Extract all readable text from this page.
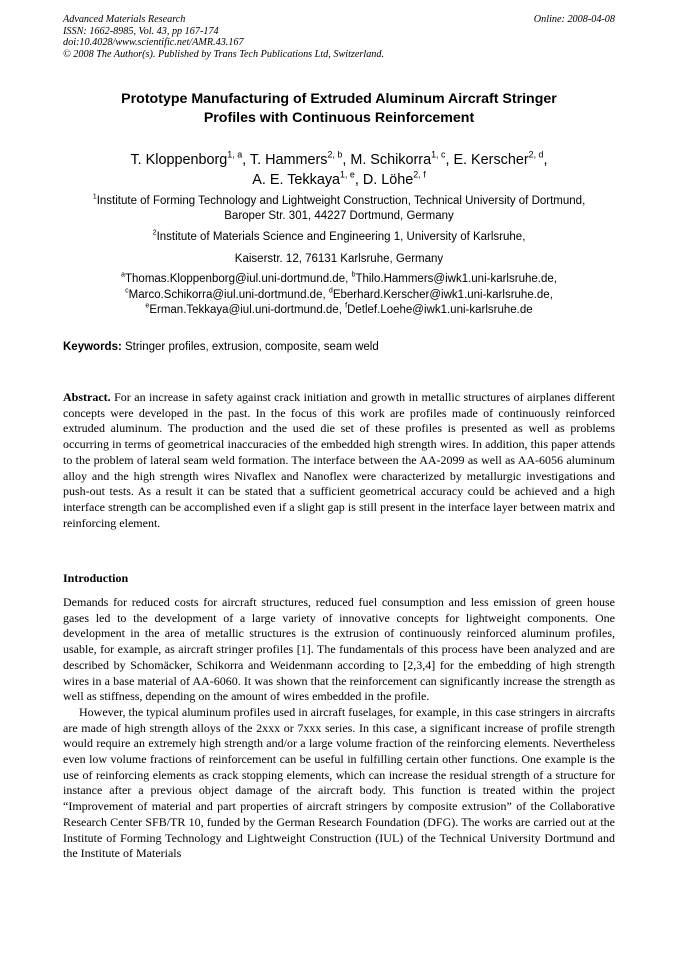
Advanced Materials Research	Online: 2008-04-08
ISSN: 1662-8985, Vol. 43, pp 167-174
doi:10.4028/www.scientific.net/AMR.43.167
© 2008 The Author(s). Published by Trans Tech Publications Ltd, Switzerland.
Prototype Manufacturing of Extruded Aluminum Aircraft Stringer
Profiles with Continuous Reinforcement
T. Kloppenborg$^{1, a}$, T. Hammers$^{2, b}$, M. Schikorra$^{1, c}$, E. Kerscher$^{2, d}$,
A. E. Tekkaya$^{1, e}$, D. Löhe$^{2, f}$
$^1$Institute of Forming Technology and Lightweight Construction, Technical University of Dortmund,
Baroper Str. 301, 44227 Dortmund, Germany
$^2$Institute of Materials Science and Engineering 1, University of Karlsruhe,
Kaiserstr. 12, 76131 Karlsruhe, Germany
$^a$Thomas.Kloppenborg@iul.uni-dortmund.de, $^b$Thilo.Hammers@iwk1.uni-karlsruhe.de,
$^c$Marco.Schikorra@iul.uni-dortmund.de, $^d$Eberhard.Kerscher@iwk1.uni-karlsruhe.de,
$^e$Erman.Tekkaya@iul.uni-dortmund.de, $^f$Detlef.Loehe@iwk1.uni-karlsruhe.de
Keywords: Stringer profiles, extrusion, composite, seam weld

Abstract. For an increase in safety against crack initiation and growth in metallic structures of airplanes different concepts were developed in the past. In the focus of this work are profiles made of continuously reinforced extruded aluminum. The production and the used die set of these profiles is presented as well as problems occurring in terms of geometrical inaccuracies of the embedded high strength wires. In addition, this paper attends to the problem of lateral seam weld formation. The interface between the AA-2099 as well as AA-6056 aluminum alloy and the high strength wires Nivaflex and Nanoflex were characterized by metallurgic investigations and push-out tests. As a result it can be stated that a sufficient geometrical accuracy could be achieved and a high interface strength can be accomplished even if a slight gap is still present in the interface layer between matrix and reinforcing element.

Introduction

Demands for reduced costs for aircraft structures, reduced fuel consumption and less emission of green house gases led to the development of a large variety of innovative concepts for lightweight components. One development in the area of metallic structures is the extrusion of continuously reinforced aluminum profiles, usable, for example, as aircraft stringer profiles [1]. The fundamentals of this process have been analyzed and are described by Schomäcker, Schikorra and Weidenmann according to [2,3,4] for the embedding of high strength wires in a base material of AA-6060. It was shown that the reinforcement can significantly increase the strength as well as stiffness, depending on the amount of wires embedded in the profile.

However, the typical aluminum profiles used in aircraft fuselages, for example, in this case stringers in aircrafts are made of high strength alloys of the 2xxx or 7xxx series. In this case, a significant increase of profile strength would require an extremely high strength and/or a large volume fraction of the reinforcing elements. Nevertheless even low volume fractions of reinforcement can be useful in fulfilling certain other functions. One example is the use of reinforcing elements as crack stopping elements, which can increase the residual strength of a structure for instance after a previous object damage of the aircraft body. This function is treated within the project “Improvement of material and part properties of aircraft stringers by composite extrusion” of the Collaborative Research Center SFB/TR 10, funded by the German Research Foundation (DFG). The works are carried out at the Institute of Forming Technology and Lightweight Construction (IUL) of the Technical University Dortmund and the Institute of Materials
